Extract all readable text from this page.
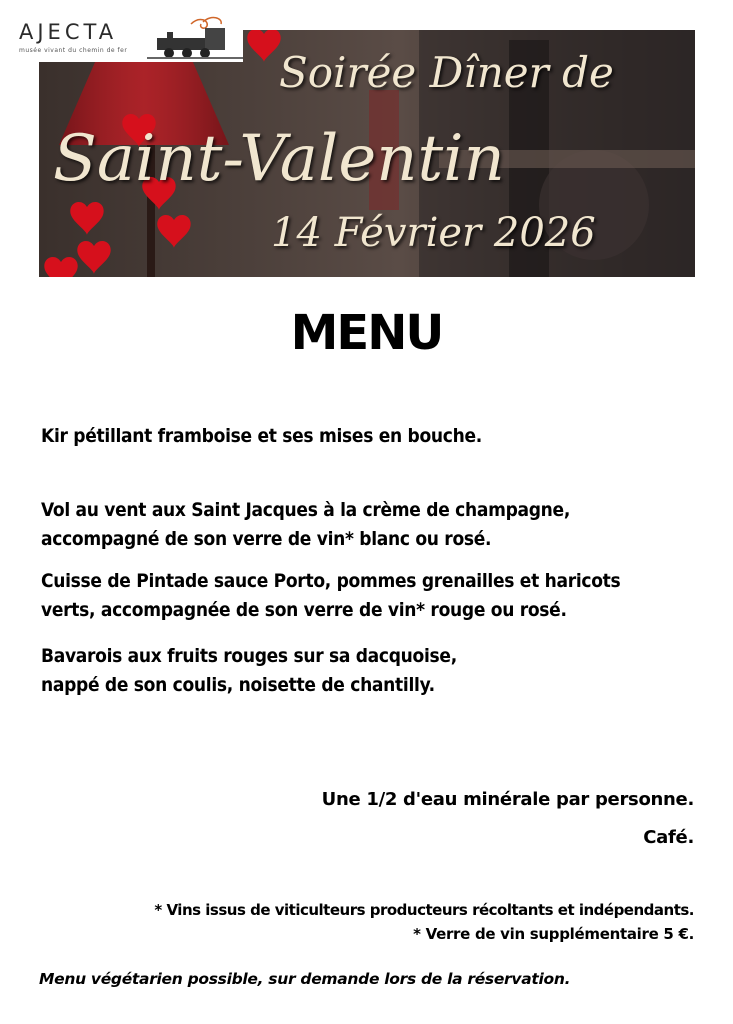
Soirée Dîner de
Saint-Valentin
14 Février 2026
AJECTA
musée vivant du chemin de fer
MENU
Kir pétillant framboise et ses mises en bouche.
Vol au vent aux Saint Jacques à la crème de champagne,
accompagné de son verre de vin* blanc ou rosé.
Cuisse de Pintade sauce Porto, pommes grenailles et haricots
verts, accompagnée de son verre de vin* rouge ou rosé.
Bavarois aux fruits rouges sur sa dacquoise,
nappé de son coulis, noisette de chantilly.
Une 1/2 d'eau minérale par personne.
Café.
* Vins issus de viticulteurs producteurs récoltants et indépendants.
* Verre de vin supplémentaire 5 €.
Menu végétarien possible, sur demande lors de la réservation.
